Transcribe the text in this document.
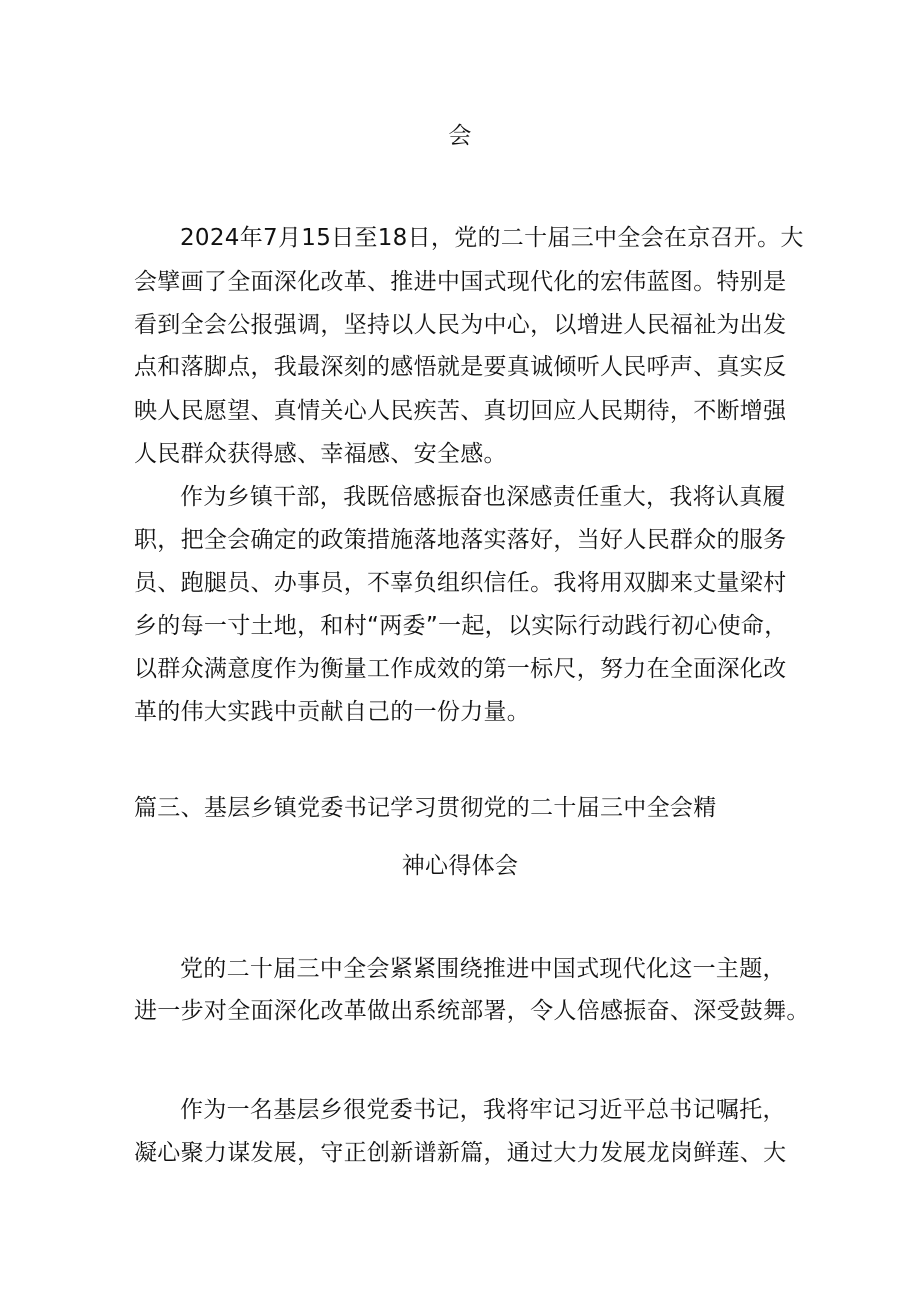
会

2024年7月15日至18日，党的二十届三中全会在京召开。大

会擘画了全面深化改革、推进中国式现代化的宏伟蓝图。特别是

看到全会公报强调，坚持以人民为中心，以增进人民福祉为出发

点和落脚点，我最深刻的感悟就是要真诚倾听人民呼声、真实反

映人民愿望、真情关心人民疾苦、真切回应人民期待，不断增强

人民群众获得感、幸福感、安全感。

作为乡镇干部，我既倍感振奋也深感责任重大，我将认真履

职，把全会确定的政策措施落地落实落好，当好人民群众的服务

员、跑腿员、办事员，不辜负组织信任。我将用双脚来丈量梁村

乡的每一寸土地，和村“两委”一起，以实际行动践行初心使命，

以群众满意度作为衡量工作成效的第一标尺，努力在全面深化改

革的伟大实践中贡献自己的一份力量。

篇三、基层乡镇党委书记学习贯彻党的二十届三中全会精

神心得体会

党的二十届三中全会紧紧围绕推进中国式现代化这一主题，

进一步对全面深化改革做出系统部署，令人倍感振奋、深受鼓舞。

作为一名基层乡很党委书记，我将牢记习近平总书记嘱托，

凝心聚力谋发展，守正创新谱新篇，通过大力发展龙岗鲜莲、大
